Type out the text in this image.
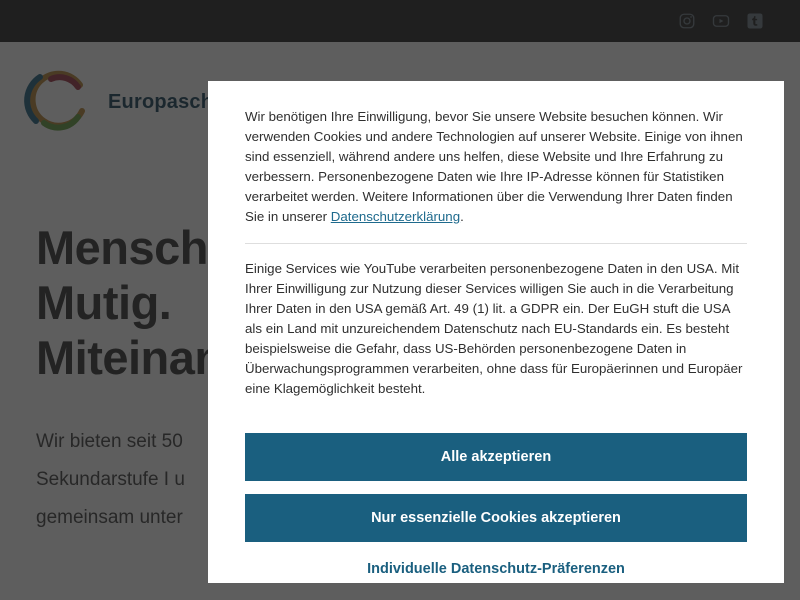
Wir benötigen Ihre Einwilligung, bevor Sie unsere Website besuchen können. Wir verwenden Cookies und andere Technologien auf unserer Website. Einige von ihnen sind essenziell, während andere uns helfen, diese Website und Ihre Erfahrung zu verbessern. Personenbezogene Daten wie Ihre IP-Adresse können für Statistiken verarbeitet werden. Weitere Informationen über die Verwendung Ihrer Daten finden Sie in unserer Datenschutzerklärung.

Einige Services wie YouTube verarbeiten personenbezogene Daten in den USA. Mit Ihrer Einwilligung zur Nutzung dieser Services willigen Sie auch in die Verarbeitung Ihrer Daten in den USA gemäß Art. 49 (1) lit. a GDPR ein. Der EuGH stuft die USA als ein Land mit unzureichendem Datenschutz nach EU-Standards ein. Es besteht beispielsweise die Gefahr, dass US-Behörden personenbezogene Daten in Überwachungsprogrammen verarbeiten, ohne dass für Europäerinnen und Europäer eine Klagemöglichkeit besteht.

Alle akzeptieren
Nur essenzielle Cookies akzeptieren
Individuelle Datenschutz-Präferenzen
